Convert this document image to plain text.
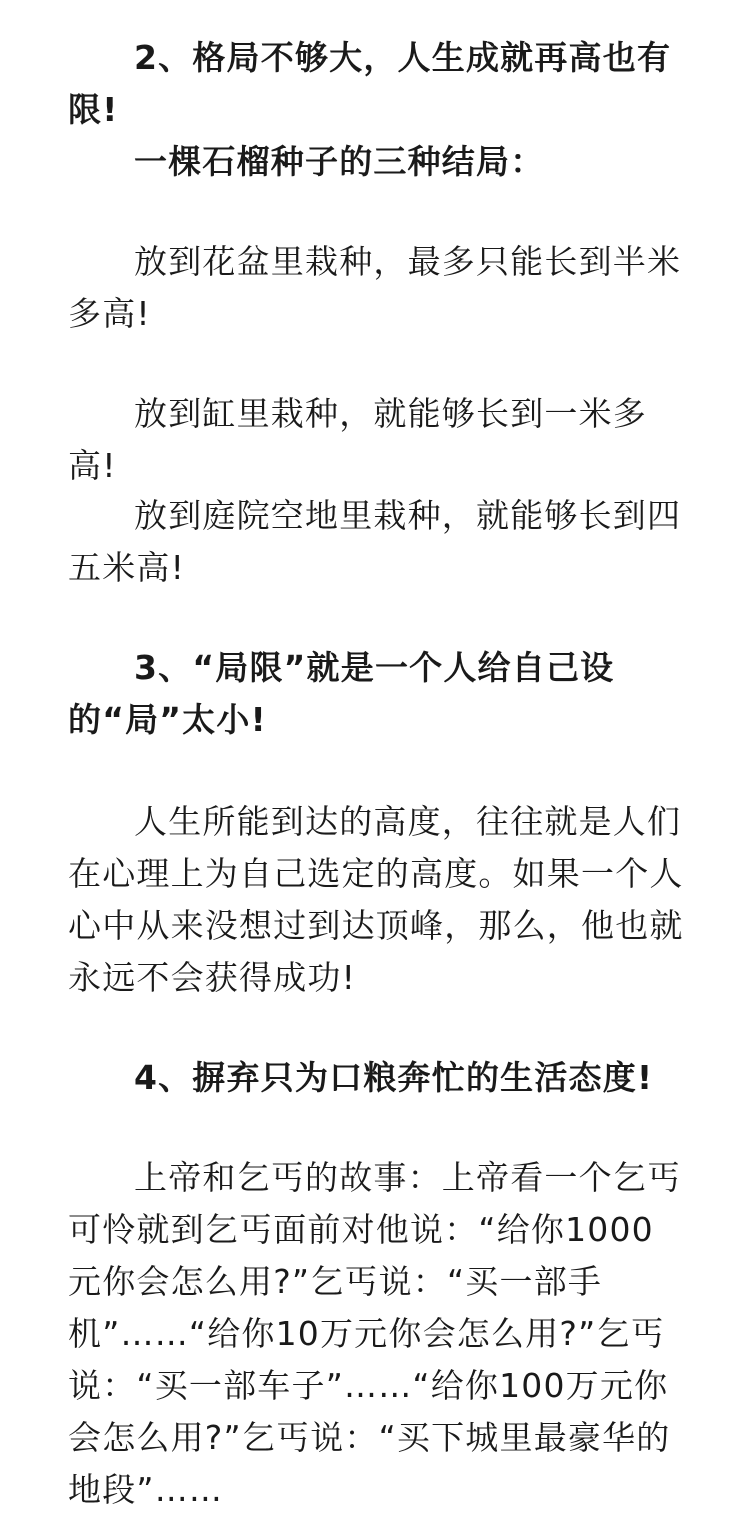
2、格局不够大，人生成就再高也有限!

一棵石榴种子的三种结局：

放到花盆里栽种，最多只能长到半米多高!

放到缸里栽种，就能够长到一米多高!

放到庭院空地里栽种，就能够长到四五米高!

3、“局限”就是一个人给自己设的“局”太小!

人生所能到达的高度，往往就是人们在心理上为自己选定的高度。如果一个人心中从来没想过到达顶峰，那么，他也就永远不会获得成功!

4、摒弃只为口粮奔忙的生活态度!

上帝和乞丐的故事：上帝看一个乞丐可怜就到乞丐面前对他说：“给你1000元你会怎么用?”乞丐说：“买一部手机”……“给你10万元你会怎么用?”乞丐说：“买一部车子”……“给你100万元你会怎么用?”乞丐说：“买下城里最豪华的地段”……
